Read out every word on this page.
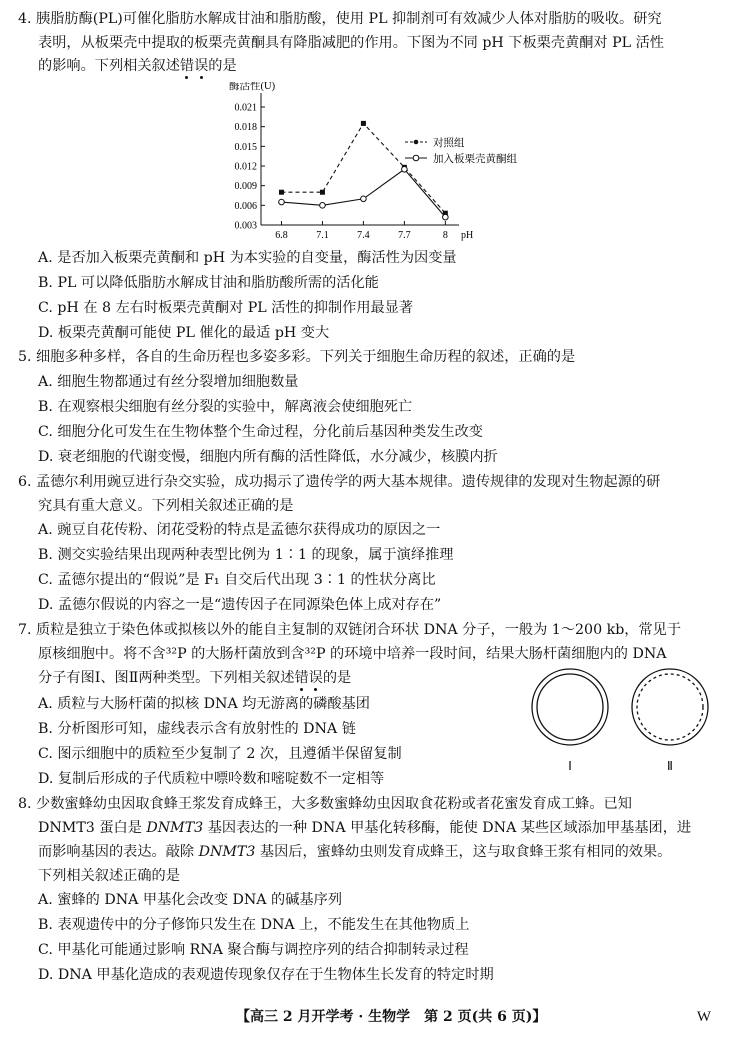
4. 胰脂肪酶(PL)可催化脂肪水解成甘油和脂肪酸，使用 PL 抑制剂可有效减少人体对脂肪的吸收。研究
表明，从板栗壳中提取的板栗壳黄酮具有降脂减肥的作用。下图为不同 pH 下板栗壳黄酮对 PL 活性
的影响。下列相关叙述错误的是
0.003
0.006
0.009
0.012
0.015
0.018
0.021
6.8	7.1	7.4	7.7	8
酶活性(U)
pH
对照组
加入板栗壳黄酮组
A. 是否加入板栗壳黄酮和 pH 为本实验的自变量，酶活性为因变量
B. PL 可以降低脂肪水解成甘油和脂肪酸所需的活化能
C. pH 在 8 左右时板栗壳黄酮对 PL 活性的抑制作用最显著
D. 板栗壳黄酮可能使 PL 催化的最适 pH 变大
5. 细胞多种多样，各自的生命历程也多姿多彩。下列关于细胞生命历程的叙述，正确的是
A. 细胞生物都通过有丝分裂增加细胞数量
B. 在观察根尖细胞有丝分裂的实验中，解离液会使细胞死亡
C. 细胞分化可发生在生物体整个生命过程，分化前后基因种类发生改变
D. 衰老细胞的代谢变慢，细胞内所有酶的活性降低，水分减少，核膜内折
6. 孟德尔利用豌豆进行杂交实验，成功揭示了遗传学的两大基本规律。遗传规律的发现对生物起源的研
究具有重大意义。下列相关叙述正确的是
A. 豌豆自花传粉、闭花受粉的特点是孟德尔获得成功的原因之一
B. 测交实验结果出现两种表型比例为 1∶1 的现象，属于演绎推理
C. 孟德尔提出的“假说”是 F₁ 自交后代出现 3∶1 的性状分离比
D. 孟德尔假说的内容之一是“遗传因子在同源染色体上成对存在”
7. 质粒是独立于染色体或拟核以外的能自主复制的双链闭合环状 DNA 分子，一般为 1～200 kb，常见于
原核细胞中。将不含³²P 的大肠杆菌放到含³²P 的环境中培养一段时间，结果大肠杆菌细胞内的 DNA
分子有图Ⅰ、图Ⅱ两种类型。下列相关叙述错误的是
A. 质粒与大肠杆菌的拟核 DNA 均无游离的磷酸基团
B. 分析图形可知，虚线表示含有放射性的 DNA 链
C. 图示细胞中的质粒至少复制了 2 次，且遵循半保留复制
D. 复制后形成的子代质粒中嘌呤数和嘧啶数不一定相等
Ⅰ	Ⅱ
8. 少数蜜蜂幼虫因取食蜂王浆发育成蜂王，大多数蜜蜂幼虫因取食花粉或者花蜜发育成工蜂。已知
DNMT3 蛋白是 DNMT3 基因表达的一种 DNA 甲基化转移酶，能使 DNA 某些区域添加甲基基团，进
而影响基因的表达。敲除 DNMT3 基因后，蜜蜂幼虫则发育成蜂王，这与取食蜂王浆有相同的效果。
下列相关叙述正确的是
A. 蜜蜂的 DNA 甲基化会改变 DNA 的碱基序列
B. 表观遗传中的分子修饰只发生在 DNA 上，不能发生在其他物质上
C. 甲基化可能通过影响 RNA 聚合酶与调控序列的结合抑制转录过程
D. DNA 甲基化造成的表观遗传现象仅存在于生物体生长发育的特定时期
【高三 2 月开学考 · 生物学　第 2 页(共 6 页)】	W
